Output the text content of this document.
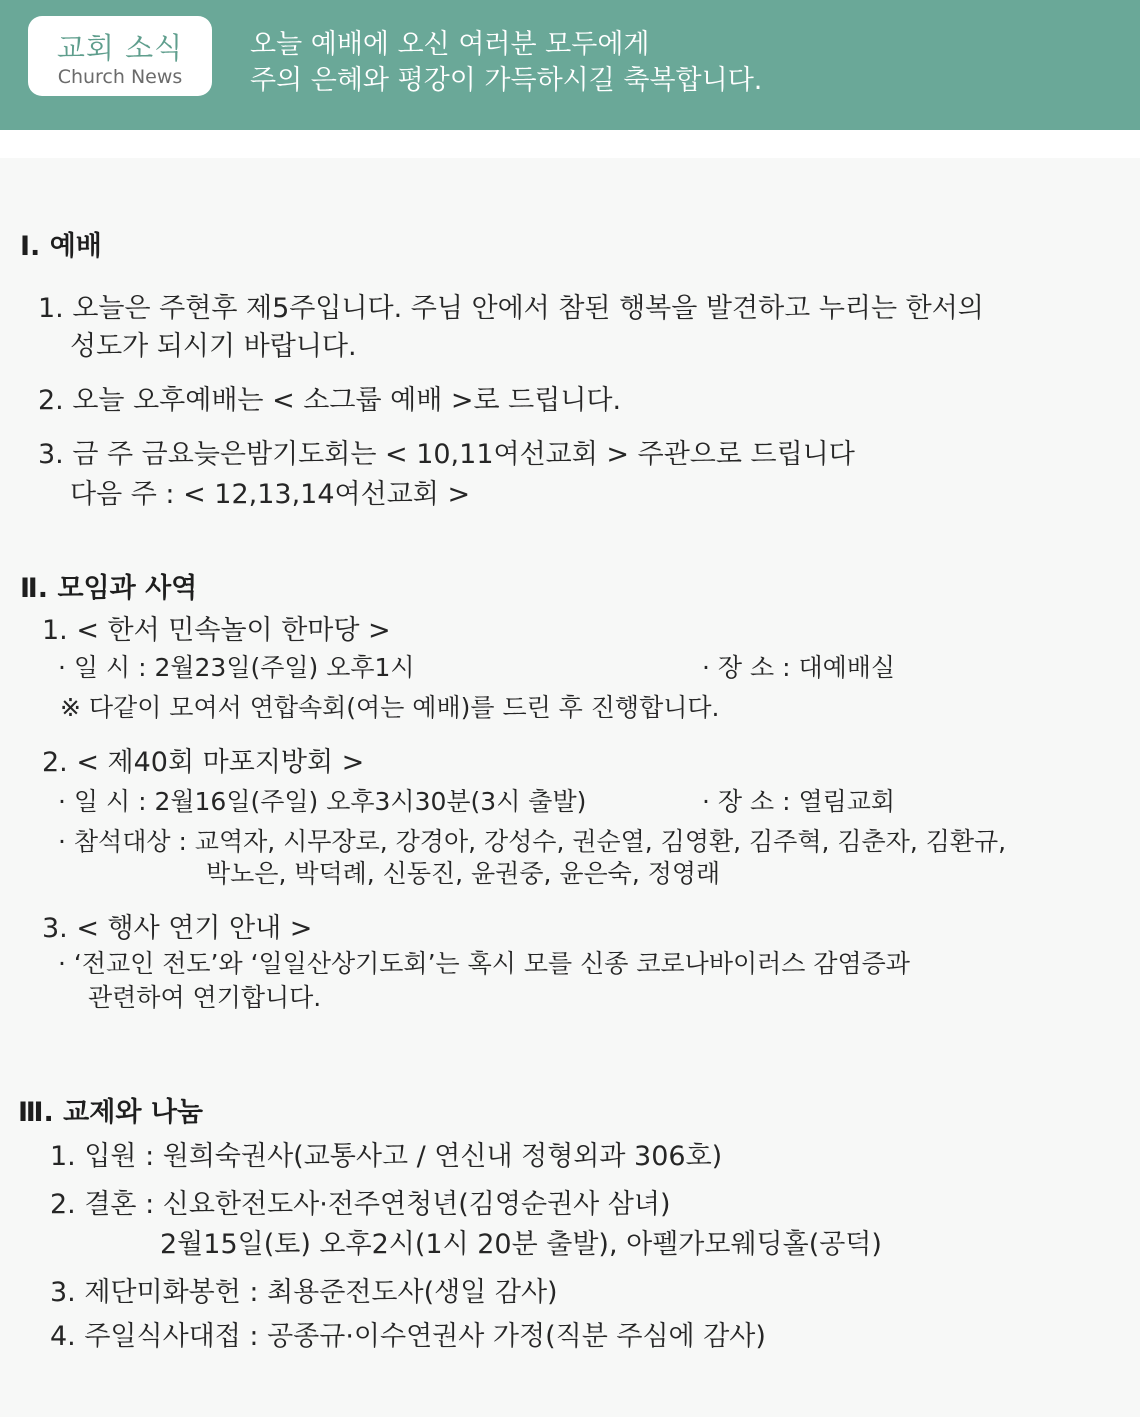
교회 소식
Church News
오늘 예배에 오신 여러분 모두에게
주의 은혜와 평강이 가득하시길 축복합니다.
Ⅰ. 예배
1. 오늘은 주현후 제5주입니다. 주님 안에서 참된 행복을 발견하고 누리는 한서의
성도가 되시기 바랍니다.
2. 오늘 오후예배는 < 소그룹 예배 >로 드립니다.
3. 금 주 금요늦은밤기도회는 < 10,11여선교회 > 주관으로 드립니다
다음 주 : < 12,13,14여선교회 >
Ⅱ. 모임과 사역
1. < 한서 민속놀이 한마당 >
· 일 시 : 2월23일(주일) 오후1시	· 장 소 : 대예배실
※ 다같이 모여서 연합속회(여는 예배)를 드린 후 진행합니다.
2. < 제40회 마포지방회 >
· 일 시 : 2월16일(주일) 오후3시30분(3시 출발)	· 장 소 : 열림교회
· 참석대상 : 교역자, 시무장로, 강경아, 강성수, 권순열, 김영환, 김주혁, 김춘자, 김환규,
박노은, 박덕례, 신동진, 윤권중, 윤은숙, 정영래
3. < 행사 연기 안내 >
· ‘전교인 전도’와 ‘일일산상기도회’는 혹시 모를 신종 코로나바이러스 감염증과
관련하여 연기합니다.
Ⅲ. 교제와 나눔
1. 입원 : 원희숙권사(교통사고 / 연신내 정형외과 306호)
2. 결혼 : 신요한전도사·전주연청년(김영순권사 삼녀)
2월15일(토) 오후2시(1시 20분 출발), 아펠가모웨딩홀(공덕)
3. 제단미화봉헌 : 최용준전도사(생일 감사)
4. 주일식사대접 : 공종규·이수연권사 가정(직분 주심에 감사)
